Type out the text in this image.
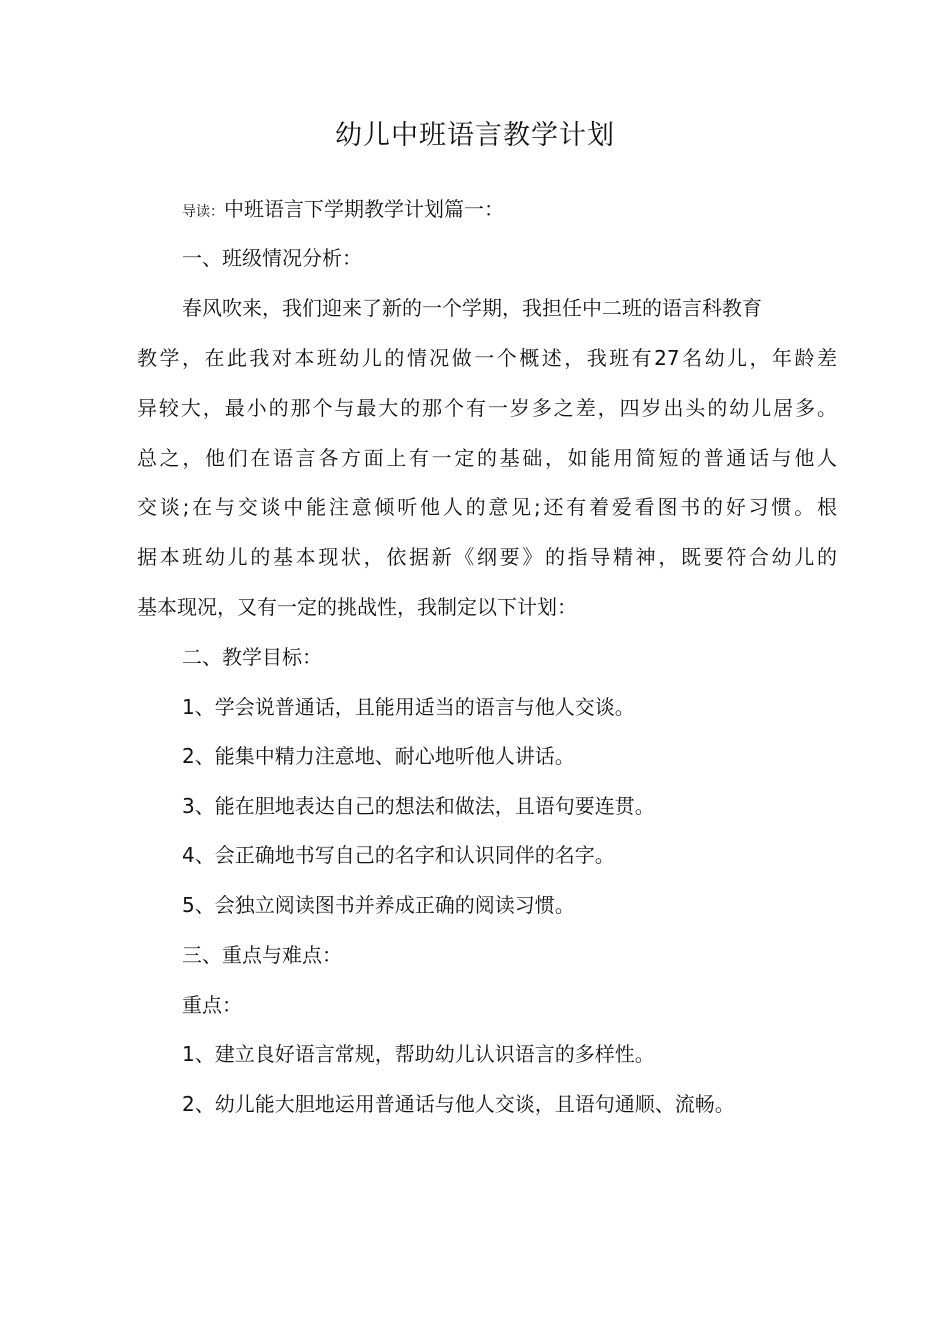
幼儿中班语言教学计划
导读：中班语言下学期教学计划篇一：
一、班级情况分析：
春风吹来，我们迎来了新的一个学期，我担任中二班的语言科教育
教学，在此我对本班幼儿的情况做一个概述，我班有27名幼儿，年龄差
异较大，最小的那个与最大的那个有一岁多之差，四岁出头的幼儿居多。
总之，他们在语言各方面上有一定的基础，如能用简短的普通话与他人
交谈;在与交谈中能注意倾听他人的意见;还有着爱看图书的好习惯。根
据本班幼儿的基本现状，依据新《纲要》的指导精神，既要符合幼儿的
基本现况，又有一定的挑战性，我制定以下计划：
二、教学目标：
1、学会说普通话，且能用适当的语言与他人交谈。
2、能集中精力注意地、耐心地听他人讲话。
3、能在胆地表达自己的想法和做法，且语句要连贯。
4、会正确地书写自己的名字和认识同伴的名字。
5、会独立阅读图书并养成正确的阅读习惯。
三、重点与难点：
重点：
1、建立良好语言常规，帮助幼儿认识语言的多样性。
2、幼儿能大胆地运用普通话与他人交谈，且语句通顺、流畅。
